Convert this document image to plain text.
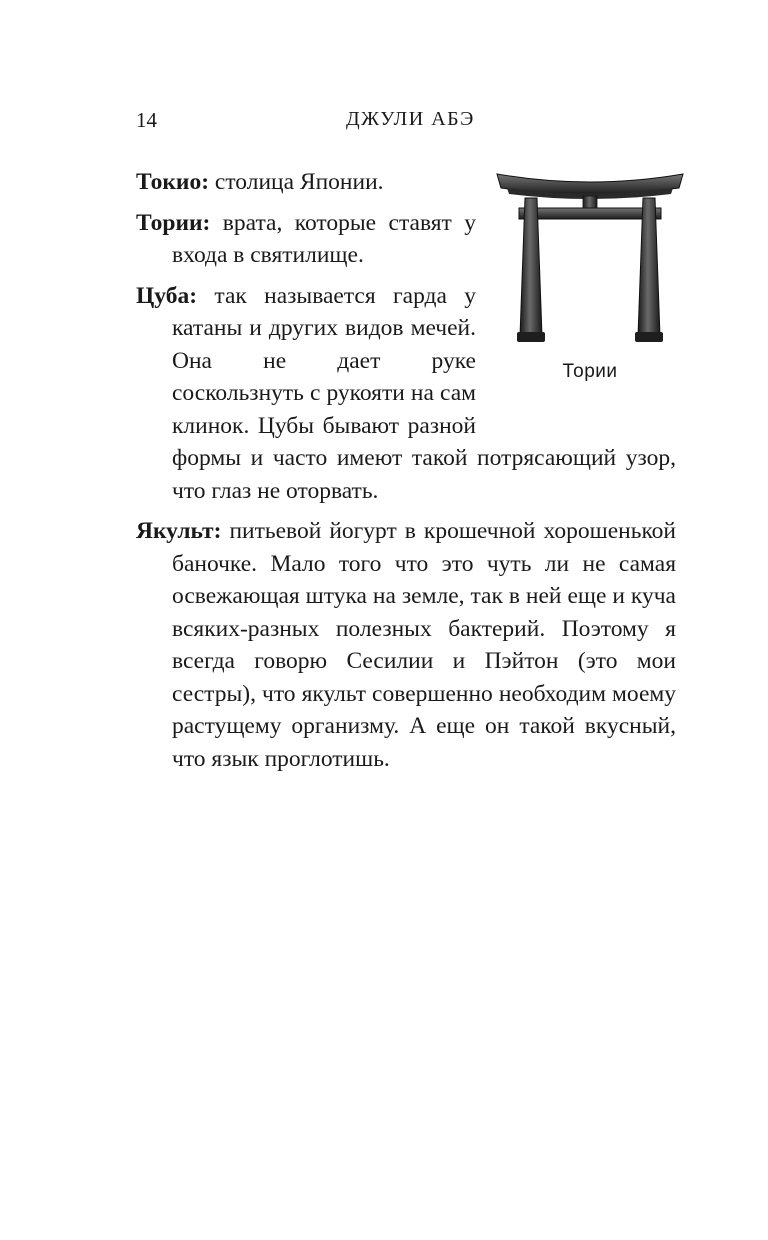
14	ДЖУЛИ АБЭ
Тории

Токио: столица Японии.

Тории: врата, которые ставят у входа в святилище.

Цуба: так называется гарда у катаны и других видов мечей. Она не дает руке соскользнуть с рукояти на сам клинок. Цубы бывают разной формы и часто имеют такой потрясающий узор, что глаз не оторвать.

Якульт: питьевой йогурт в крошечной хорошенькой баночке. Мало того что это чуть ли не самая освежающая штука на земле, так в ней еще и куча всяких-разных полезных бактерий. Поэтому я всегда говорю Сесилии и Пэйтон (это мои сестры), что якульт совершенно необходим моему растущему организму. А еще он такой вкусный, что язык проглотишь.
